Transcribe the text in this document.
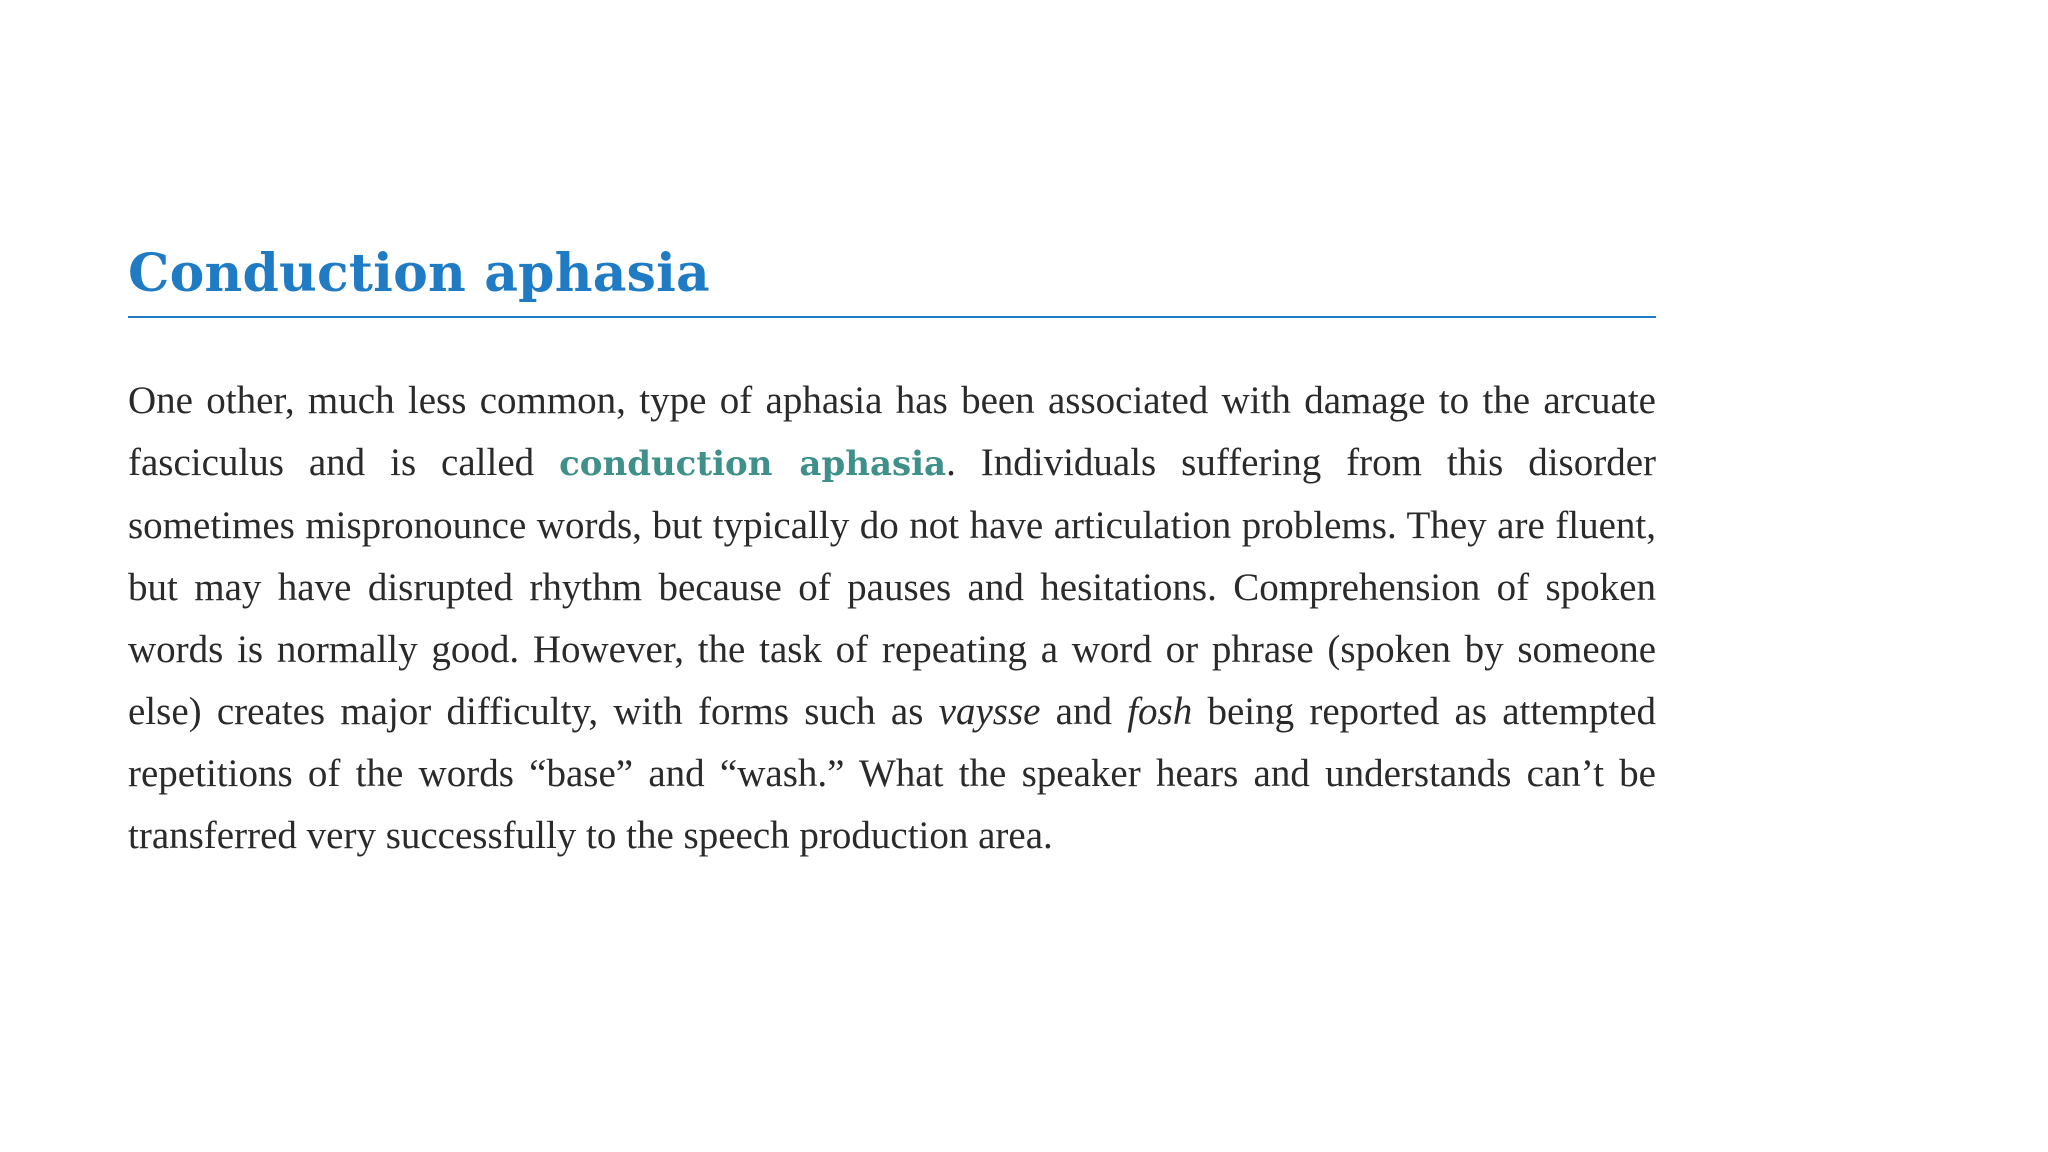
Conduction aphasia

One other, much less common, type of aphasia has been associated with damage to the arcuate fasciculus and is called conduction aphasia. Individuals suffering from this disorder sometimes mispronounce words, but typically do not have articulation problems. They are fluent, but may have disrupted rhythm because of pauses and hesitations. Comprehension of spoken words is normally good. However, the task of repeating a word or phrase (spoken by someone else) creates major difficulty, with forms such as vaysse and fosh being reported as attempted repetitions of the words “base” and “wash.” What the speaker hears and understands can’t be transferred very successfully to the speech production area.
